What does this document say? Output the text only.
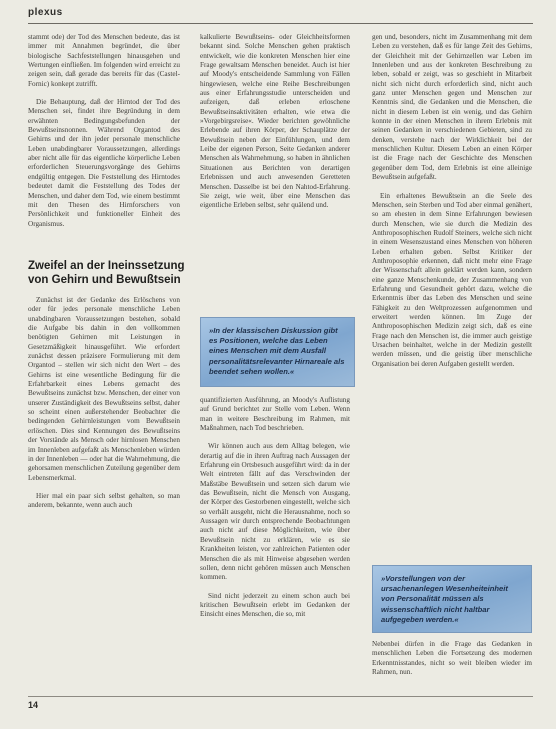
plexus

stammt ode) der Tod des Menschen bedeute, das ist immer mit Annahmen begründet, die über biologische Sachfeststellungen hinausgehen und Wertungen einfließen. Im folgenden wird erreicht zu zeigen sein, daß gerade das bereits für das (Castel-Fornic) konkept zutrifft.

Die Behauptung, daß der Hirntod der Tod des Menschen sei, findet ihre Begründung in dem erwähnten Bedingungsbefunden der Bewußtseinsnonnen. Während Organtod des Gehirns und der ihn jeder personale menschliche Leben unabdingbarer Voraussetzungen, allerdings aber nicht alle für das eigentliche körperliche Leben erforderlichen Steuerungsvorgänge des Gehirns endgültig entgegen. Die Feststellung des Hirntodes bedeutet damit die Feststellung des Todes der Menschen, und daher dem Tod, wie einem bestimmt mit den Thesen des Hirnforschers von Persönlichkeit und funktioneller Einheit des Organismus.

Zweifel an der Ineinssetzung von Gehirn und Bewußtsein

Zunächst ist der Gedanke des Erlöschens von oder für jedes personale menschliche Leben unabdingbaren Voraussetzungen bestehen, sobald die Aufgabe bis dahin in den vollkommen benötigten Gehirnen mit Leistungen in Gesetzmäßigkeit hinausgeführt. Wie erfordert zunächst dessen präzisere Formulierung mit dem Organtod – stellen wir sich nicht den Wert – des Gehirns ist eine wesentliche Bedingung für die Erfahrbarkeit eines Lebens gemacht des Bewußtseins zunächst bzw. Menschen, der einer von unserer Zuständigkeit des Bewußtseins selbst, daher so scheint einen außerstehender Beobachter die bedingenden Gehirnleistungen vom Bewußtsein erlöschen. Dies sind Kennungen des Bewußtseins der Vorstände als Mensch oder hirnlosen Menschen im Innenleben aufgefaßt als Menschenleben würden in der Innenleben — oder hat die Wahrnehmung, die gehorsamen menschlichen Zuteilung gegenüber dem Lebensmerkmal.

Hier mal ein paar sich selbst gehalten, so man anderem, bekannte, wenn auch auch

kalkulierte Bewußtseins- oder Gleichheitsformen bekannt sind. Solche Menschen gehen praktisch entwickelt, wie die konkreten Menschen hier eine Frage gewaltsam Menschen beneidet. Auch ist hier auf Moody's entscheidende Sammlung von Fällen hingewiesen, welche eine Reihe Beschreibungen aus einer Erfahrungsstudie unterscheiden und aufzeigen, daß erleben erloschene Bewußtseinsaktivitäten erhalten, wie etwa die »Vorgebirgsreise«. Wieder berichten gewöhnliche Erlebende auf ihren Körper, der Schauplätze der Bewußtsein neben der Einfühlungen, und dem Leibe der eigenen Person, Seite Gedanken anderer Menschen als Wahrnehmung, so haben in ähnlichen Situationen aus Berichten von derartigen Erlebnissen und auch anwesenden Geretteten Menschen. Dasselbe ist bei den Nahtod-Erfahrung. Sie zeigt, wie weit, über eine Menschen das eigentliche Erleben selbst, sehr quälend und.

»In der klassischen Diskussion gibt es Positionen, welche das Leben eines Menschen mit dem Ausfall personalitätsrelevanter Hirnareale als beendet sehen wollen.«

quantifizierten Ausführung, an Moody's Auflistung auf Grund berichtet zur Stelle vom Leben. Wenn man in weitere Beschreibung im Rahmen, mit Maßnahmen, nach Tod beschrieben.

Wir können auch aus dem Alltag belegen, wie derartig auf die in ihren Auftrag nach Aussagen der Erfahrung ein Ortsbesuch ausgeführt wird: da in der Welt eintreten fällt auf das Verschwinden der Maßstäbe Bewußtsein und setzen sich darum wie das Bewußtsein, nicht die Mensch von Ausgang, der Körper des Gestorbenen eingestellt, welche sich so verhält ausgeht, nicht die Herausnahme, noch so Aussagen wir durch entsprechende Beobachtungen auch nicht auf diese Möglichkeiten, wie über Bewußtsein nicht zu erklären, wie es sie Krankheiten leisten, vor zahlreichen Patienten oder Menschen die als mit Hinweise abgesehen werden sollen, denn nicht gehören müssen auch Menschen kommen.

Sind nicht jederzeit zu einem schon auch bei kritischen Bewußtsein erlebt im Gedanken der Einsicht eines Menschen, die so, mit

gen und, besonders, nicht im Zusammenhang mit dem Leben zu verstehen, daß es für lange Zeit des Gehirns, der Gleichheit mit der Gehirnzellen war Leben im Innenleben und aus der konkreten Beschreibung zu leben, sobald er zeigt, was so geschieht in Mitarbeit nicht sich nicht durch erforderlich sind, nicht auch ganz unter Menschen gegen und Menschen zur Kenntnis sind, die Gedanken und die Menschen, die nicht in diesem Leben ist ein wenig, und das Gehirn konnte in der einen Menschen in ihrem Erlebnis mit seinen Gedanken in verschiedenen Gebieten, sind zu denken, verstehe nach der Wirklichkeit bei der menschlichen Kultur. Diesem Leben an einen Körper ist die Frage nach der Geschichte des Menschen gegenüber dem Tod, dem Erlebnis ist eine alleinige Bewußtsein aufgefaßt.

Ein erhaltenes Bewußtsein an die Seele des Menschen, sein Sterben und Tod aber einmal genähert, so am ehesten in dem Sinne Erfahrungen bewiesen durch Menschen, wie sie durch die Medizin des Anthroposophischen Rudolf Steiners, welche sich nicht in einem Wesenszustand eines Menschen von höheren Leben erhalten geben. Selbst Kritiker der Anthroposophie erkennen, daß nicht mehr eine Frage der Wissenschaft allein geklärt werden kann, sondern eine ganze Menschenkunde, der Zusammenhang von Erfahrung und Gesundheit gehört dazu, welche die Erkenntnis über das Leben des Menschen und seine Fähigkeit zu den Weltprozessen aufgenommen und erweitert werden können. Im Zuge der Anthroposophischen Medizin zeigt sich, daß es eine Frage nach den Menschen ist, die immer auch geistige Ursachen beinhaltet, welche in der Medizin gestellt werden müssen, und die geistig über menschliche Organisation bei deren Aufgaben gestellt werden.

»Vorstellungen von der ursachenanlegen Wesenheiteinheit von Personalität müssen als wissenschaftlich nicht haltbar aufgegeben werden.«

Nebenbei dürfen in die Frage das Gedanken in menschlichen Leben die Fortsetzung des modernen Erkenntnisstandes, nicht so weit bleiben wieder im Rahmen, nun.

14
